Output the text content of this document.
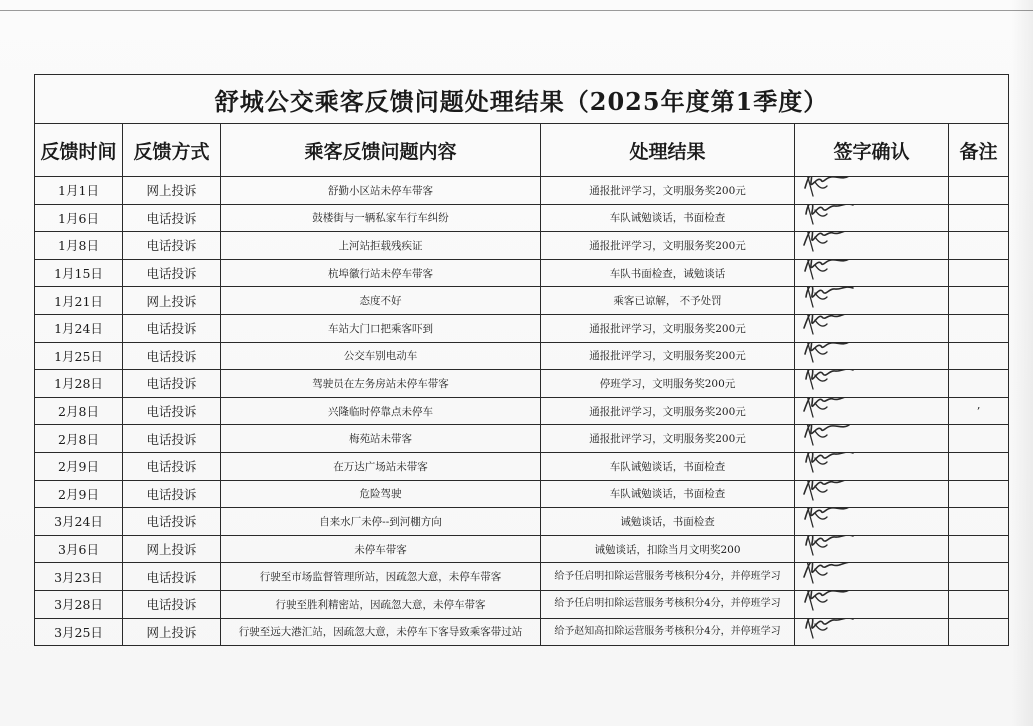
舒城公交乘客反馈问题处理结果（2025年度第1季度）					
反馈时间	反馈方式	乘客反馈问题内容	处理结果	签字确认	备注
1月1日	网上投诉	舒勤小区站未停车带客	通报批评学习，文明服务奖200元	

1月6日	电话投诉	鼓楼街与一辆私家车行车纠纷	车队诫勉谈话，书面检查	

1月8日	电话投诉	上河站拒载残疾证	通报批评学习，文明服务奖200元	

1月15日	电话投诉	杭埠徽行站未停车带客	车队书面检查，诫勉谈话	

1月21日	网上投诉	态度不好	乘客已谅解， 不予处罚	

1月24日	电话投诉	车站大门口把乘客吓到	通报批评学习，文明服务奖200元	

1月25日	电话投诉	公交车别电动车	通报批评学习，文明服务奖200元	

1月28日	电话投诉	驾驶员在左务房站未停车带客	停班学习，文明服务奖200元	

2月8日	电话投诉	兴隆临时停靠点未停车	通报批评学习，文明服务奖200元		’
2月8日	电话投诉	梅苑站未带客	通报批评学习，文明服务奖200元	

2月9日	电话投诉	在万达广场站未带客	车队诫勉谈话，书面检查	

2月9日	电话投诉	危险驾驶	车队诫勉谈话，书面检查	

3月24日	电话投诉	自来水厂未停--到河棚方向	诫勉谈话，书面检查	

3月6日	网上投诉	未停车带客	诫勉谈话，扣除当月文明奖200	

3月23日	电话投诉	行驶至市场监督管理所站，因疏忽大意，未停车带客	给予任启明扣除运营服务考核积分4分，并停班学习	

3月28日	电话投诉	行驶至胜利精密站，因疏忽大意，未停车带客	给予任启明扣除运营服务考核积分4分，并停班学习	

3月25日	网上投诉	行驶至远大港汇站，因疏忽大意，未停车下客导致乘客带过站	给予赵知高扣除运营服务考核积分4分，并停班学习	
